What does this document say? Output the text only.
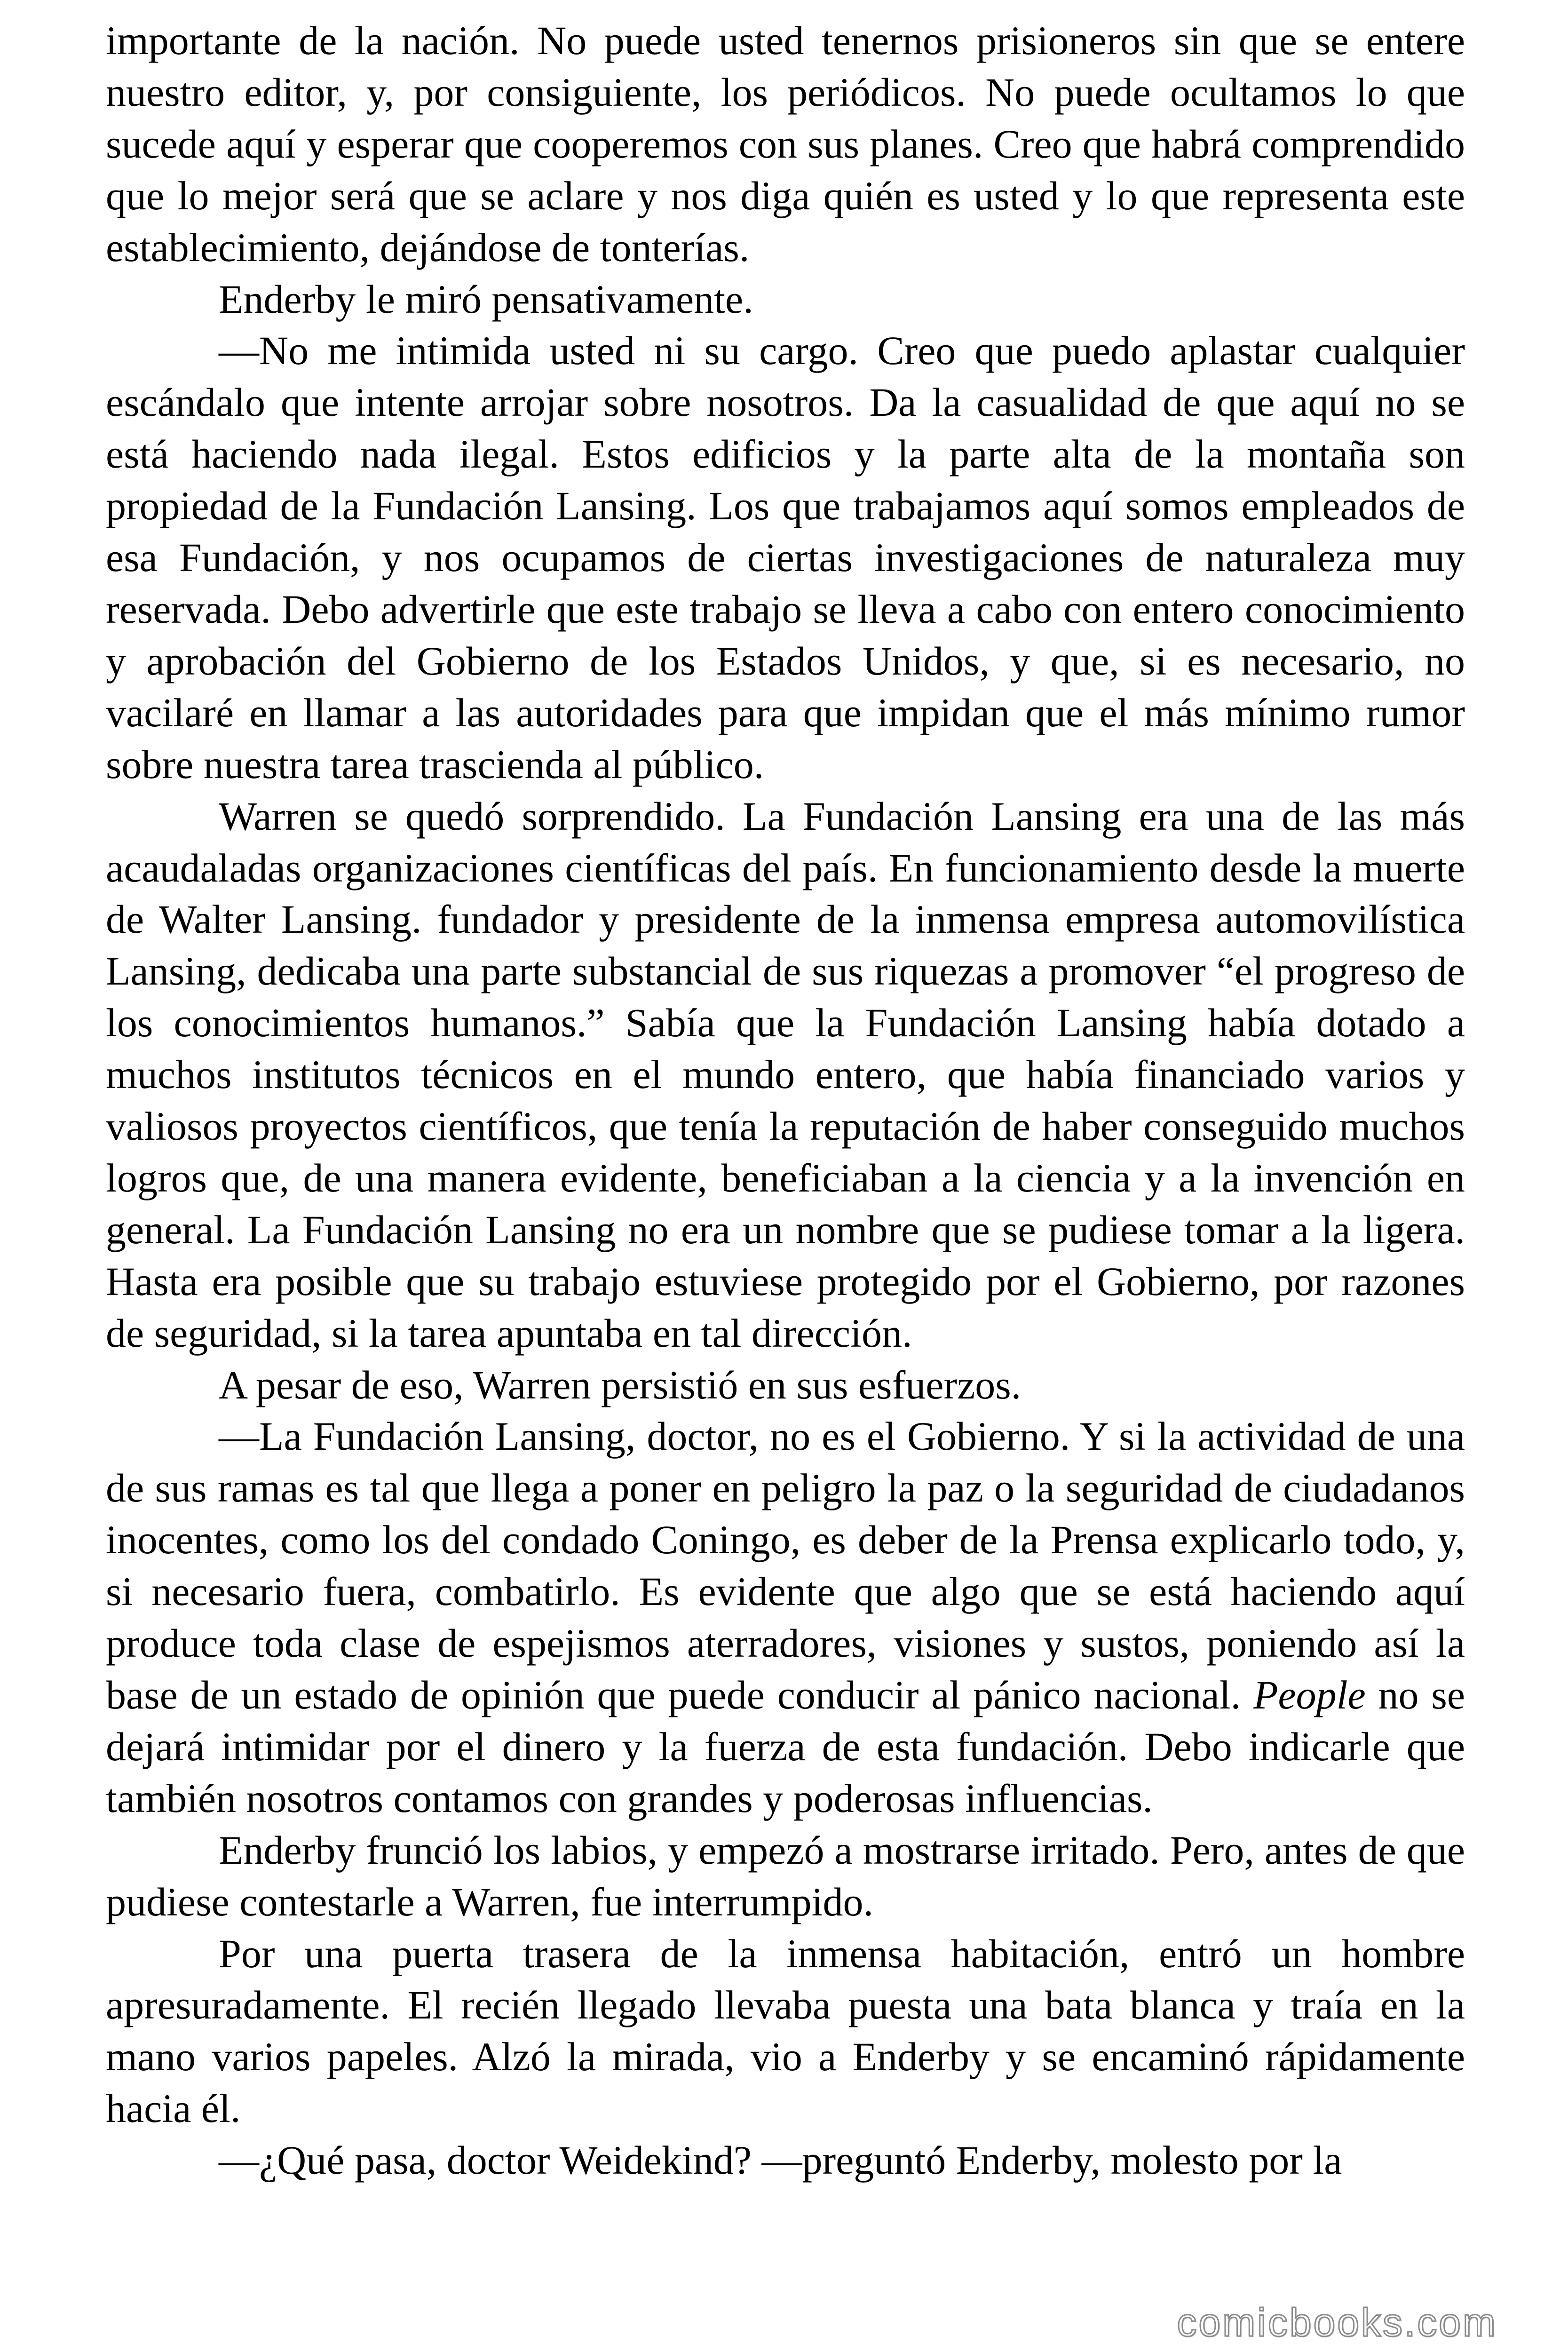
importante de la nación. No puede usted tenernos prisioneros sin que se entere nuestro editor, y, por consiguiente, los periódicos. No puede ocultamos lo que sucede aquí y esperar que cooperemos con sus planes. Creo que habrá comprendido que lo mejor será que se aclare y nos diga quién es usted y lo que representa este establecimiento, dejándose de tonterías.

Enderby le miró pensativamente.

—No me intimida usted ni su cargo. Creo que puedo aplastar cualquier escándalo que intente arrojar sobre nosotros. Da la casualidad de que aquí no se está haciendo nada ilegal. Estos edificios y la parte alta de la montaña son propiedad de la Fundación Lansing. Los que trabajamos aquí somos empleados de esa Fundación, y nos ocupamos de ciertas investigaciones de naturaleza muy reservada. Debo advertirle que este trabajo se lleva a cabo con entero conocimiento y aprobación del Gobierno de los Estados Unidos, y que, si es necesario, no vacilaré en llamar a las autoridades para que impidan que el más mínimo rumor sobre nuestra tarea trascienda al público.

Warren se quedó sorprendido. La Fundación Lansing era una de las más acaudaladas organizaciones científicas del país. En funcionamiento desde la muerte de Walter Lansing. fundador y presidente de la inmensa empresa automovilística Lansing, dedicaba una parte substancial de sus riquezas a promover “el progreso de los conocimientos humanos.” Sabía que la Fundación Lansing había dotado a muchos institutos técnicos en el mundo entero, que había financiado varios y valiosos proyectos científicos, que tenía la reputación de haber conseguido muchos logros que, de una manera evidente, beneficiaban a la ciencia y a la invención en general. La Fundación Lansing no era un nombre que se pudiese tomar a la ligera. Hasta era posible que su trabajo estuviese protegido por el Gobierno, por razones de seguridad, si la tarea apuntaba en tal dirección.

A pesar de eso, Warren persistió en sus esfuerzos.

—La Fundación Lansing, doctor, no es el Gobierno. Y si la actividad de una de sus ramas es tal que llega a poner en peligro la paz o la seguridad de ciudadanos inocentes, como los del condado Coningo, es deber de la Prensa explicarlo todo, y, si necesario fuera, combatirlo. Es evidente que algo que se está haciendo aquí produce toda clase de espejismos aterradores, visiones y sustos, poniendo así la base de un estado de opinión que puede conducir al pánico nacional. People no se dejará intimidar por el dinero y la fuerza de esta fundación. Debo indicarle que también nosotros contamos con grandes y poderosas influencias.

Enderby frunció los labios, y empezó a mostrarse irritado. Pero, antes de que pudiese contestarle a Warren, fue interrumpido.

Por una puerta trasera de la inmensa habitación, entró un hombre apresuradamente. El recién llegado llevaba puesta una bata blanca y traía en la mano varios papeles. Alzó la mirada, vio a Enderby y se encaminó rápidamente hacia él.

—¿Qué pasa, doctor Weidekind? —preguntó Enderby, molesto por la

comicbooks.com
